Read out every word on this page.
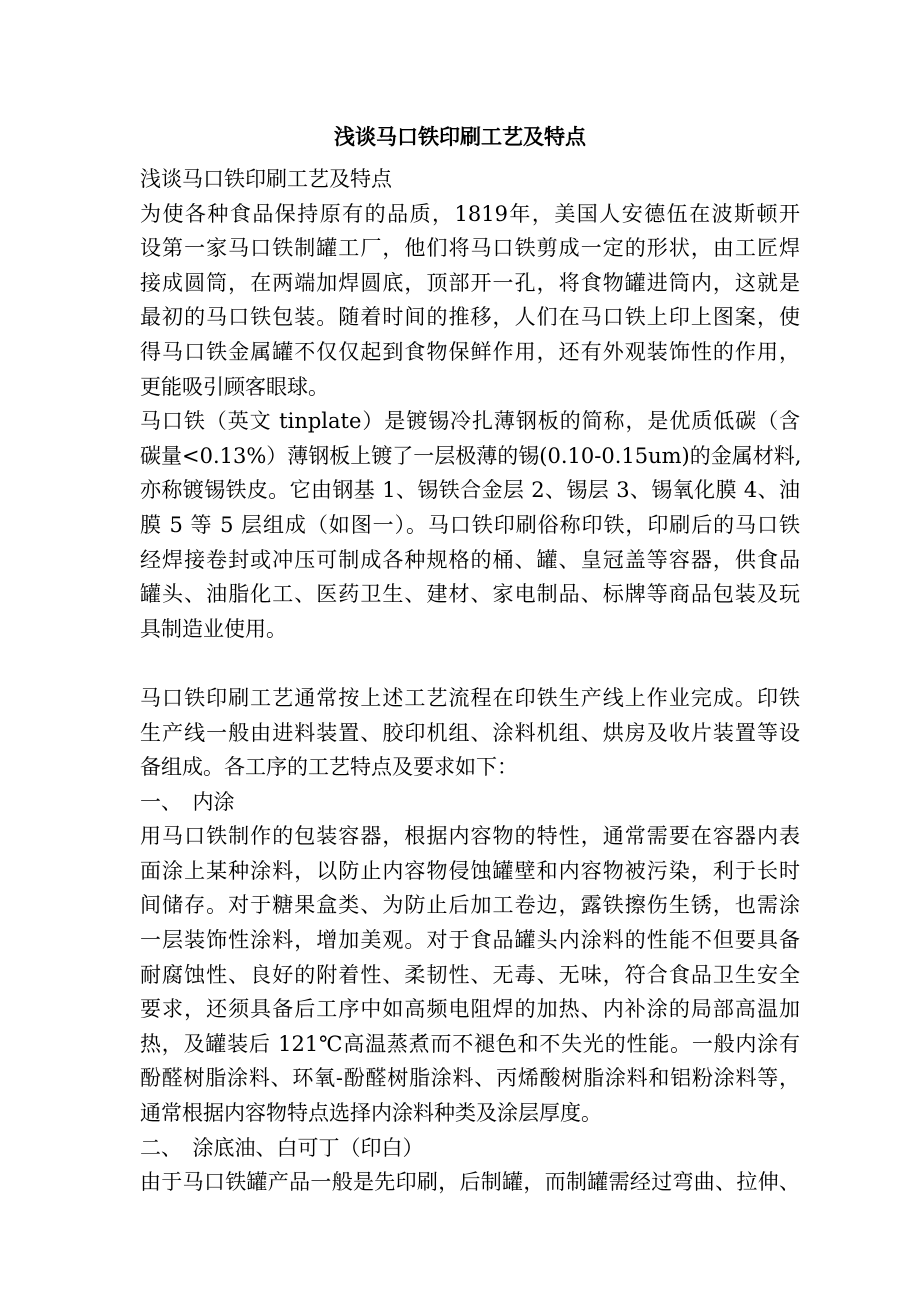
浅谈马口铁印刷工艺及特点
浅谈马口铁印刷工艺及特点
为使各种食品保持原有的品质，1819年，美国人安德伍在波斯顿开
设第一家马口铁制罐工厂，他们将马口铁剪成一定的形状，由工匠焊
接成圆筒，在两端加焊圆底，顶部开一孔，将食物罐进筒内，这就是
最初的马口铁包装。随着时间的推移，人们在马口铁上印上图案，使
得马口铁金属罐不仅仅起到食物保鲜作用，还有外观装饰性的作用，
更能吸引顾客眼球。
马口铁（英文 tinplate）是镀锡冷扎薄钢板的简称，是优质低碳（含
碳量<0.13%）薄钢板上镀了一层极薄的锡(0.10-0.15um)的金属材料,
亦称镀锡铁皮。它由钢基 1、锡铁合金层 2、锡层 3、锡氧化膜 4、油
膜 5 等 5 层组成（如图一）。马口铁印刷俗称印铁，印刷后的马口铁
经焊接卷封或冲压可制成各种规格的桶、罐、皇冠盖等容器，供食品
罐头、油脂化工、医药卫生、建材、家电制品、标牌等商品包装及玩
具制造业使用。
马口铁印刷工艺通常按上述工艺流程在印铁生产线上作业完成。印铁
生产线一般由进料装置、胶印机组、涂料机组、烘房及收片装置等设
备组成。各工序的工艺特点及要求如下：
一、　内涂
用马口铁制作的包装容器，根据内容物的特性，通常需要在容器内表
面涂上某种涂料，以防止内容物侵蚀罐壁和内容物被污染，利于长时
间储存。对于糖果盒类、为防止后加工卷边，露铁擦伤生锈，也需涂
一层装饰性涂料，增加美观。对于食品罐头内涂料的性能不但要具备
耐腐蚀性、良好的附着性、柔韧性、无毒、无味，符合食品卫生安全
要求，还须具备后工序中如高频电阻焊的加热、内补涂的局部高温加
热，及罐装后 121℃高温蒸煮而不褪色和不失光的性能。一般内涂有
酚醛树脂涂料、环氧-酚醛树脂涂料、丙烯酸树脂涂料和铝粉涂料等，
通常根据内容物特点选择内涂料种类及涂层厚度。
二、　涂底油、白可丁（印白）
由于马口铁罐产品一般是先印刷，后制罐，而制罐需经过弯曲、拉伸、
